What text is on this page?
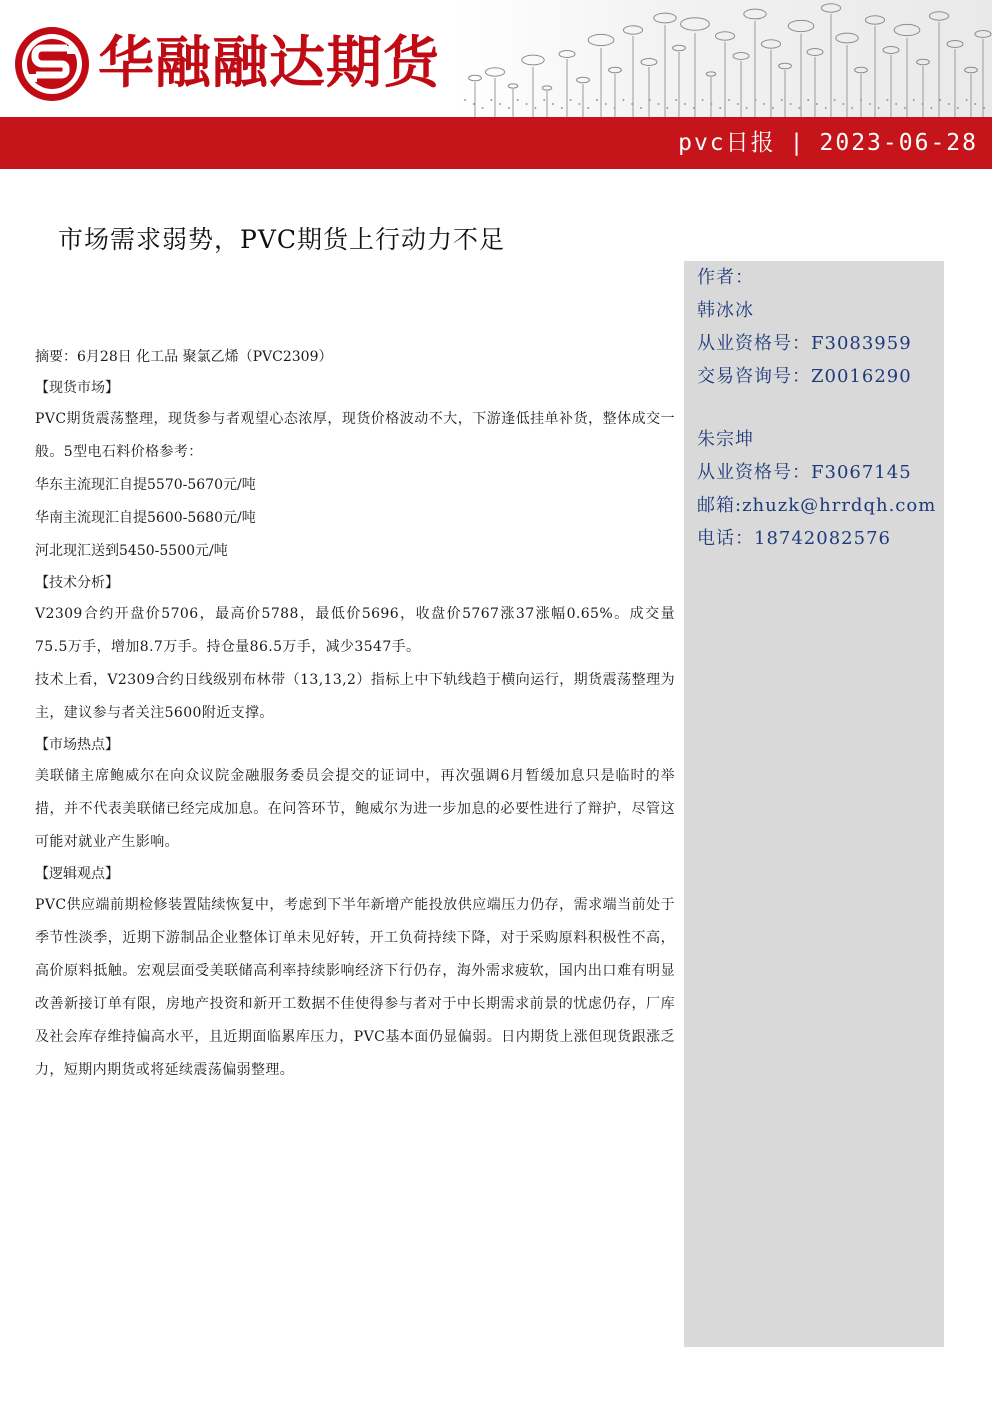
华融融达期货
pvc日报 | 2023-06-28
市场需求弱势，PVC期货上行动力不足
作者：
韩冰冰
从业资格号：F3083959
交易咨询号：Z0016290
朱宗坤
从业资格号：F3067145
邮箱:zhuzk@hrrdqh.com
电话：18742082576
摘要：6月28日 化工品 聚氯乙烯（PVC2309）
【现货市场】

PVC期货震荡整理，现货参与者观望心态浓厚，现货价格波动不大，下游逢低挂单补货，整体成交一般。5型电石料价格参考：

华东主流现汇自提5570-5670元/吨

华南主流现汇自提5600-5680元/吨

河北现汇送到5450-5500元/吨

【技术分析】

V2309合约开盘价5706，最高价5788，最低价5696，收盘价5767涨37涨幅0.65%。成交量75.5万手，增加8.7万手。持仓量86.5万手，减少3547手。

技术上看，V2309合约日线级别布林带（13,13,2）指标上中下轨线趋于横向运行，期货震荡整理为主，建议参与者关注5600附近支撑。

【市场热点】

美联储主席鲍威尔在向众议院金融服务委员会提交的证词中，再次强调6月暂缓加息只是临时的举措，并不代表美联储已经完成加息。在问答环节，鲍威尔为进一步加息的必要性进行了辩护，尽管这可能对就业产生影响。

【逻辑观点】

PVC供应端前期检修装置陆续恢复中，考虑到下半年新增产能投放供应端压力仍存，需求端当前处于季节性淡季，近期下游制品企业整体订单未见好转，开工负荷持续下降，对于采购原料积极性不高，高价原料抵触。宏观层面受美联储高利率持续影响经济下行仍存，海外需求疲软，国内出口难有明显改善新接订单有限，房地产投资和新开工数据不佳使得参与者对于中长期需求前景的忧虑仍存，厂库及社会库存维持偏高水平，且近期面临累库压力，PVC基本面仍显偏弱。日内期货上涨但现货跟涨乏力，短期内期货或将延续震荡偏弱整理。
